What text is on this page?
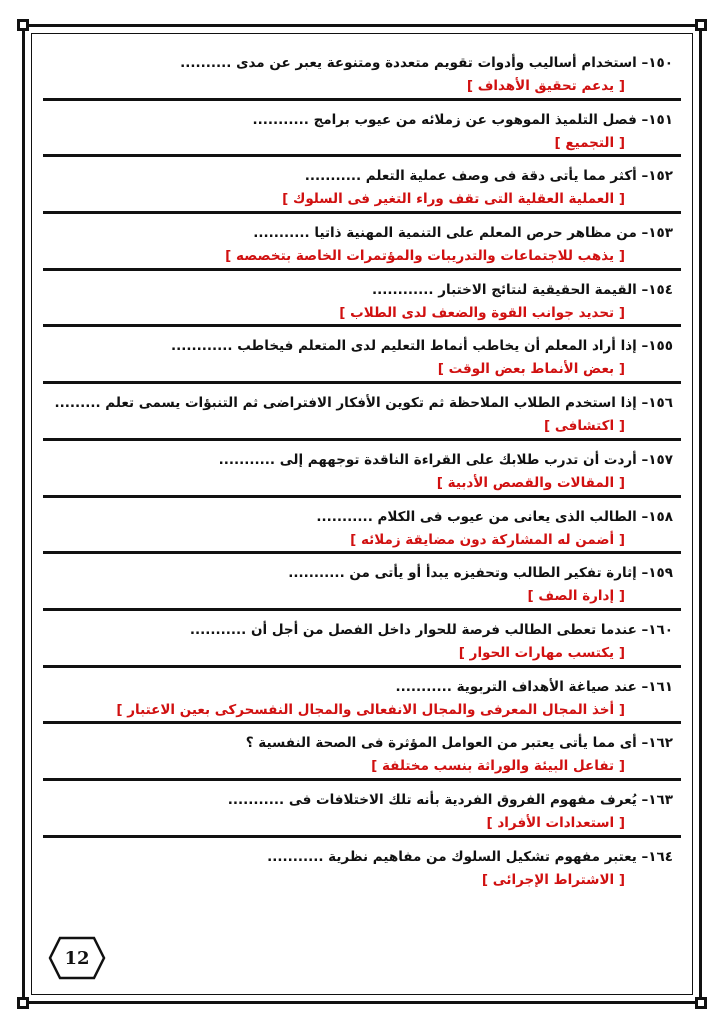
١٥٠– استخدام أساليب وأدوات تقويم متعددة ومتنوعة يعبر عن مدى ..........
[ يدعم تحقيق الأهداف ]
١٥١– فصل التلميذ الموهوب عن زملائه من عيوب برامج ...........
[ التجميع ]
١٥٢– أكثر مما يأتى دقة فى وصف عملية التعلم ...........
[ العملية العقلية التى تقف وراء التغير فى السلوك ]
١٥٣– من مظاهر حرص المعلم على التنمية المهنية ذاتيا ...........
[ يذهب للاجتماعات والتدريبات والمؤتمرات الخاصة بتخصصه ]
١٥٤– القيمة الحقيقية لنتائج الاختبار ............
[ تحديد جوانب القوة والضعف لدى الطلاب ]
١٥٥– إذا أراد المعلم أن يخاطب أنماط التعليم لدى المتعلم فيخاطب ............
[ بعض الأنماط بعض الوقت ]
١٥٦– إذا استخدم الطلاب الملاحظة ثم تكوين الأفكار الافتراضى ثم التنبؤات يسمى تعلم .........
[ اكتشافى ]
١٥٧– أردت أن تدرب طلابك على القراءة الناقدة توجههم إلى ...........
[ المقالات والقصص الأدبية ]
١٥٨– الطالب الذى يعانى من عيوب فى الكلام ...........
[ أضمن له المشاركة دون مضايقة زملائه ]
١٥٩– إثارة تفكير الطالب وتحفيزه يبدأ أو يأتى من ...........
[ إدارة الصف ]
١٦٠– عندما تعطى الطالب فرصة للحوار داخل الفصل من أجل أن ...........
[ يكتسب مهارات الحوار ]
١٦١– عند صياغة الأهداف التربوية ...........
[ أخذ المجال المعرفى والمجال الانفعالى والمجال النفسحركى بعين الاعتبار ]
١٦٢– أى مما يأتى يعتبر من العوامل المؤثرة فى الصحة النفسية ؟
[ تفاعل البيئة والوراثة بنسب مختلفة ]
١٦٣– يُعرف مفهوم الفروق الفردية بأنه تلك الاختلافات فى ...........
[ استعدادات الأفراد ]
١٦٤– يعتبر مفهوم تشكيل السلوك من مفاهيم نظرية ...........
[ الاشتراط الإجرائى ]
12
